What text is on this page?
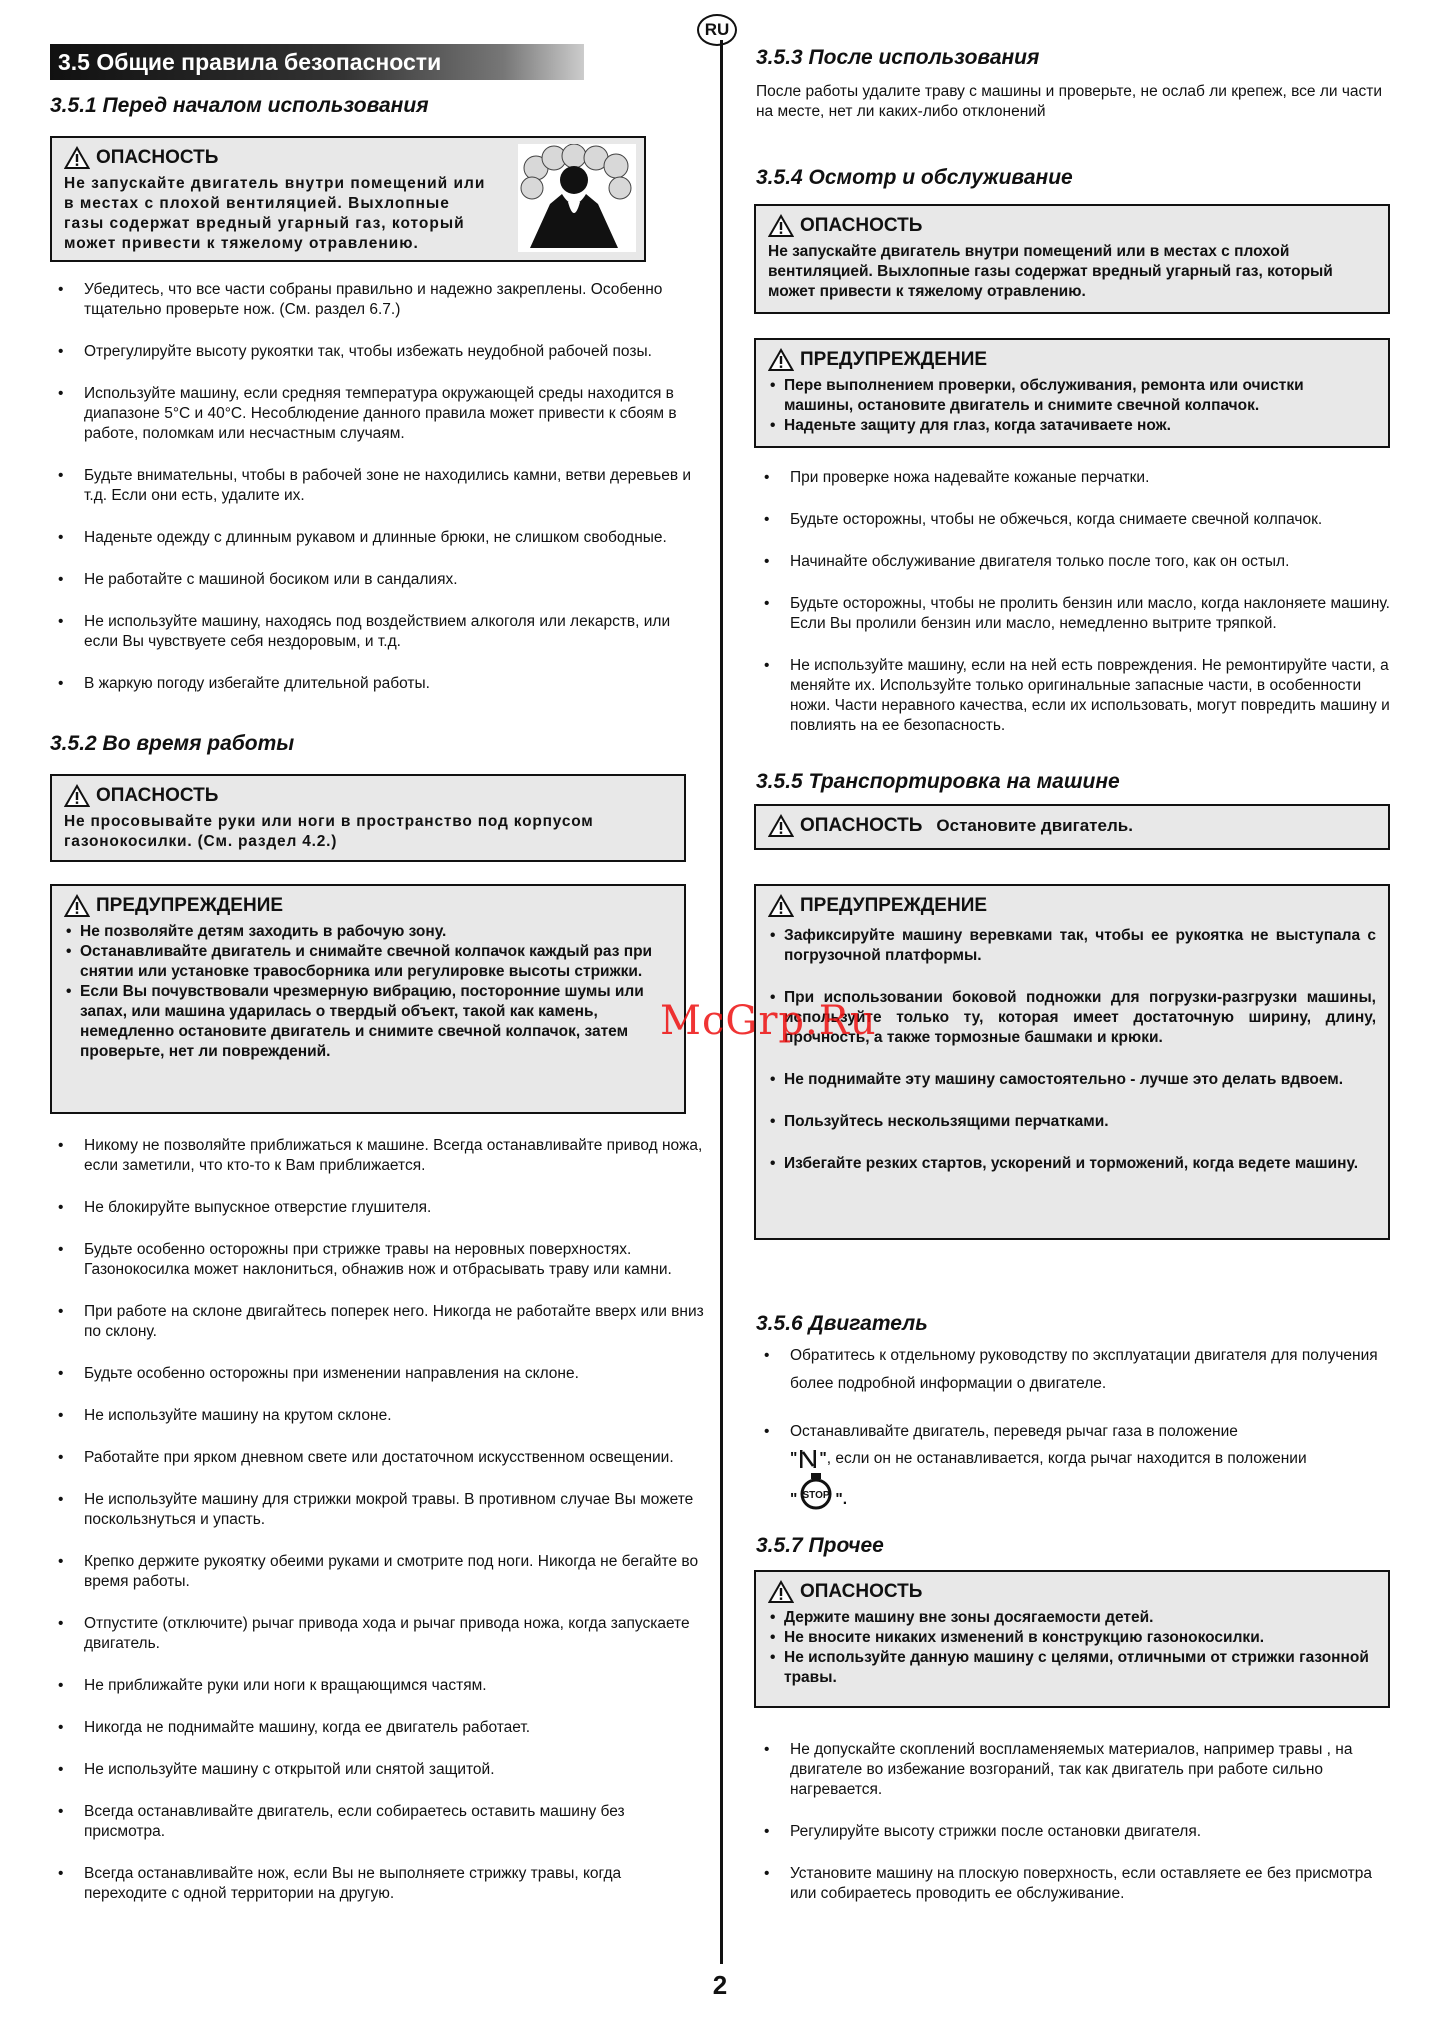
RU
3.5 Общие правила безопасности
3.5.1 Перед началом использования
ОПАСНОСТЬ
Не запускайте двигатель внутри помещений или в местах с плохой вентиляцией. Выхлопные газы содержат вредный угарный газ, который может привести к тяжелому отравлению.
• Убедитесь, что все части собраны правильно и надежно закреплены. Особенно тщательно проверьте нож. (См. раздел 6.7.)
• Отрегулируйте высоту рукоятки так, чтобы избежать неудобной рабочей позы.
• Используйте машину, если средняя температура окружающей среды находится в диапазоне 5°C и 40°C. Несоблюдение данного правила может привести к сбоям в работе, поломкам или несчастным случаям.
• Будьте внимательны, чтобы в рабочей зоне не находились камни, ветви деревьев и т.д. Если они есть, удалите их.
• Наденьте одежду с длинным рукавом и длинные брюки, не слишком свободные.
• Не работайте с машиной босиком или в сандалиях.
• Не используйте машину, находясь под воздействием алкоголя или лекарств, или если Вы чувствуете себя нездоровым, и т.д.
• В жаркую погоду избегайте длительной работы.
3.5.2 Во время работы
ОПАСНОСТЬ
Не просовывайте руки или ноги в пространство под корпусом газонокосилки. (См. раздел 4.2.)
ПРЕДУПРЕЖДЕНИЕ
• Не позволяйте детям заходить в рабочую зону.
• Останавливайте двигатель и снимайте свечной колпачок каждый раз при снятии или установке травосборника или регулировке высоты стрижки.
• Если Вы почувствовали чрезмерную вибрацию, посторонние шумы или запах, или машина ударилась о твердый объект, такой как камень, немедленно остановите двигатель и снимите свечной колпачок, затем проверьте, нет ли повреждений.
• Никому не позволяйте приближаться к машине. Всегда останавливайте привод ножа, если заметили, что кто-то к Вам приближается.
• Не блокируйте выпускное отверстие глушителя.
• Будьте особенно осторожны при стрижке травы на неровных поверхностях. Газонокосилка может наклониться, обнажив нож и отбрасывать траву или камни.
• При работе на склоне двигайтесь поперек него. Никогда не работайте вверх или вниз по склону.
• Будьте особенно осторожны при изменении направления на склоне.
• Не используйте машину на крутом склоне.
• Работайте при ярком дневном свете или достаточном искусственном освещении.
• Не используйте машину для стрижки мокрой травы. В противном случае Вы можете поскользнуться и упасть.
• Крепко держите рукоятку обеими руками и смотрите под ноги. Никогда не бегайте во время работы.
• Отпустите (отключите) рычаг привода хода и рычаг привода ножа, когда запускаете двигатель.
• Не приближайте руки или ноги к вращающимся частям.
• Никогда не поднимайте машину, когда ее двигатель работает.
• Не используйте машину с открытой или снятой защитой.
• Всегда останавливайте двигатель, если собираетесь оставить машину без присмотра.
• Всегда останавливайте нож, если Вы не выполняете стрижку травы, когда переходите с одной территории на другую.
3.5.3 После использования

После работы удалите траву с машины и проверьте, не ослаб ли крепеж, все ли части на месте, нет ли каких-либо отклонений

3.5.4 Осмотр и обслуживание
ОПАСНОСТЬ
Не запускайте двигатель внутри помещений или в местах с плохой вентиляцией. Выхлопные газы содержат вредный угарный газ, который может привести к тяжелому отравлению.
ПРЕДУПРЕЖДЕНИЕ
• Пере выполнением проверки, обслуживания, ремонта или очистки машины, остановите двигатель и снимите свечной колпачок.
• Наденьте защиту для глаз, когда затачиваете нож.
• При проверке ножа надевайте кожаные перчатки.
• Будьте осторожны, чтобы не обжечься, когда снимаете свечной колпачок.
• Начинайте обслуживание двигателя только после того, как он остыл.
• Будьте осторожны, чтобы не пролить бензин или масло, когда наклоняете машину. Если Вы пролили бензин или масло, немедленно вытрите тряпкой.
• Не используйте машину, если на ней есть повреждения. Не ремонтируйте части, а меняйте их. Используйте только оригинальные запасные части, в особенности ножи. Части неравного качества, если их использовать, могут повредить машину и повлиять на ее безопасность.
3.5.5 Транспортировка на машине
ОПАСНОСТЬ Остановите двигатель.
ПРЕДУПРЕЖДЕНИЕ
• Зафиксируйте машину веревками так, чтобы ее рукоятка не выступала с погрузочной платформы.
• При использовании боковой подножки для погрузки-разгрузки машины, используйте только ту, которая имеет достаточную ширину, длину, прочность, а также тормозные башмаки и крюки.
• Не поднимайте эту машину самостоятельно - лучше это делать вдвоем.
• Пользуйтесь нескользящими перчатками.
• Избегайте резких стартов, ускорений и торможений, когда ведете машину.
3.5.6 Двигатель
• Обратитесь к отдельному руководству по эксплуатации двигателя для получения более подробной информации о двигателе.
• Останавливайте двигатель, переведя рычаг газа в положение
" " , если он не останавливается, когда рычаг находится в положении
" STOP ".
3.5.7 Прочее
ОПАСНОСТЬ
• Держите машину вне зоны досягаемости детей.
• Не вносите никаких изменений в конструкцию газонокосилки.
• Не используйте данную машину с целями, отличными от стрижки газонной травы.
• Не допускайте скоплений воспламеняемых материалов, например травы , на двигателе во избежание возгораний, так как двигатель при работе сильно нагревается.
• Регулируйте высоту стрижки после остановки двигателя.
• Установите машину на плоскую поверхность, если оставляете ее без присмотра или собираетесь проводить ее обслуживание.
McGrp.Ru
2
